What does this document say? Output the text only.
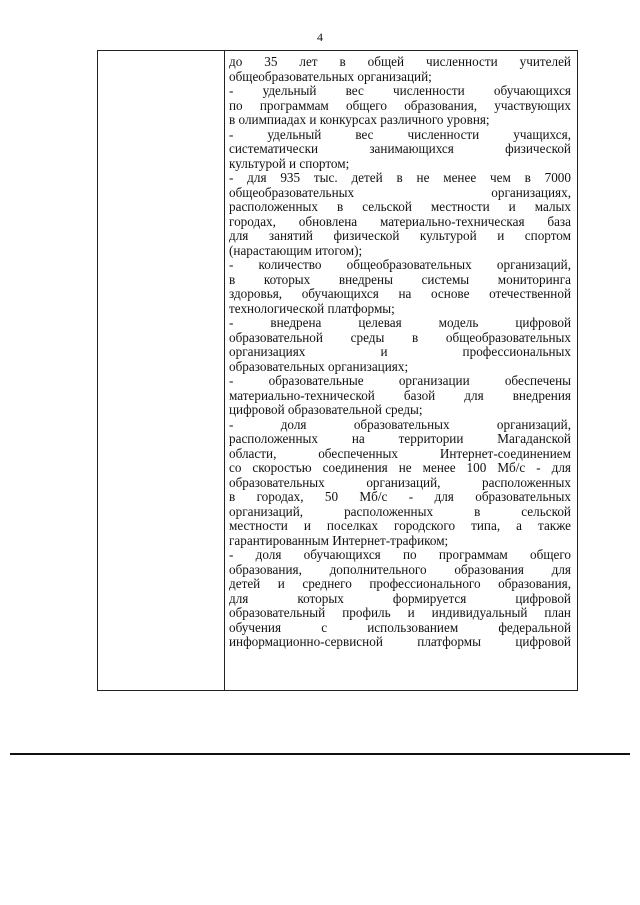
4
до 35 лет в общей численности учителей
общеобразовательных организаций;
- удельный вес численности обучающихся
по программам общего образования, участвующих
в олимпиадах и конкурсах различного уровня;
- удельный вес численности учащихся,
систематически занимающихся физической
культурой и спортом;
- для 935 тыс. детей в не менее чем в 7000
общеобразовательных организациях,
расположенных в сельской местности и малых
городах, обновлена материально-техническая база
для занятий физической культурой и спортом
(нарастающим итогом);
- количество общеобразовательных организаций,
в которых внедрены системы мониторинга
здоровья, обучающихся на основе отечественной
технологической платформы;
- внедрена целевая модель цифровой
образовательной среды в общеобразовательных
организациях и профессиональных
образовательных организациях;
- образовательные организации обеспечены
материально-технической базой для внедрения
цифровой образовательной среды;
- доля образовательных организаций,
расположенных на территории Магаданской
области, обеспеченных Интернет-соединением
со скоростью соединения не менее 100 Мб/с - для
образовательных организаций, расположенных
в городах, 50 Мб/с - для образовательных
организаций, расположенных в сельской
местности и поселках городского типа, а также
гарантированным Интернет-трафиком;
- доля обучающихся по программам общего
образования, дополнительного образования для
детей и среднего профессионального образования,
для которых формируется цифровой
образовательный профиль и индивидуальный план
обучения с использованием федеральной
информационно-сервисной платформы цифровой
